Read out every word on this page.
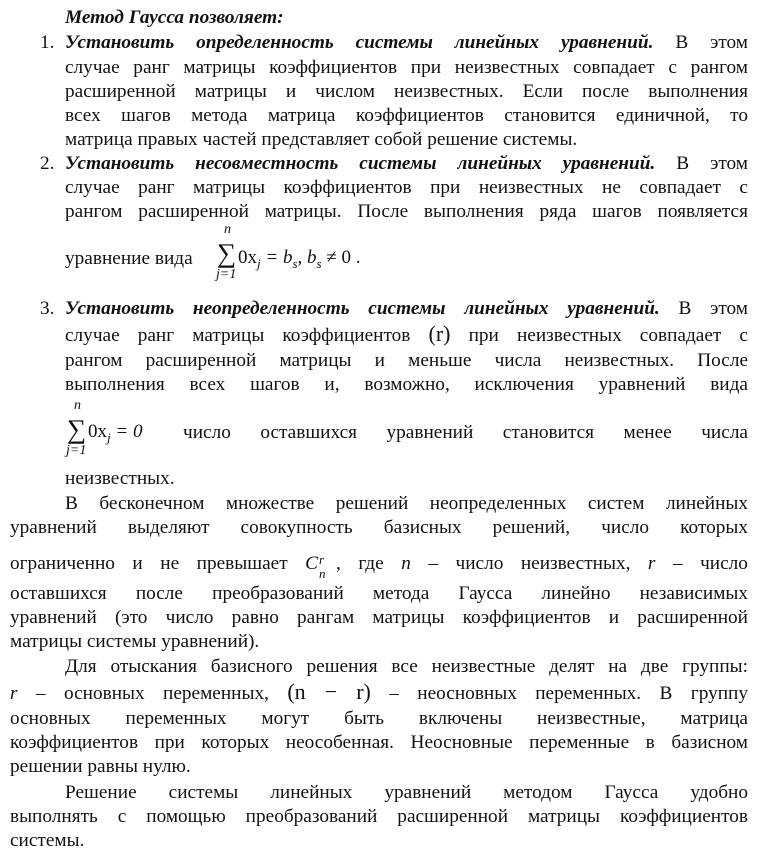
Метод Гаусса позволяет:
1. Установить определенность системы линейных уравнений. В этом
случае ранг матрицы коэффициентов при неизвестных совпадает с рангом
расширенной матрицы и числом неизвестных. Если после выполнения
всех шагов метода матрица коэффициентов становится единичной, то
матрица правых частей представляет собой решение системы.
2. Установить несовместность системы линейных уравнений. В этом
случае ранг матрицы коэффициентов при неизвестных не совпадает с
рангом расширенной матрицы. После выполнения ряда шагов появляется
уравнение вида
n
∑
j=1
$0x_j = b_s$, $b_s \ne 0$ .
3. Установить неопределенность системы линейных уравнений. В этом
случае ранг матрицы коэффициентов (r) при неизвестных совпадает с
рангом расширенной матрицы и меньше числа неизвестных. После
выполнения всех шагов и, возможно, исключения уравнений вида
число оставшихся уравнений становится менее числа
неизвестных.
n
∑
j=1
$0x_j = 0$
В бесконечном множестве решений неопределенных систем линейных
уравнений выделяют совокупность базисных решений, число которых
ограниченно и не превышает C r
n , где n – число неизвестных, r – число
оставшихся после преобразований метода Гаусса линейно независимых
уравнений (это число равно рангам матрицы коэффициентов и расширенной
матрицы системы уравнений).
Для отыскания базисного решения все неизвестные делят на две группы:
r – основных переменных, (n − r) – неосновных переменных. В группу
основных переменных могут быть включены неизвестные, матрица
коэффициентов при которых неособенная. Неосновные переменные в базисном
решении равны нулю.
Решение системы линейных уравнений методом Гаусса удобно
выполнять с помощью преобразований расширенной матрицы коэффициентов
системы.
